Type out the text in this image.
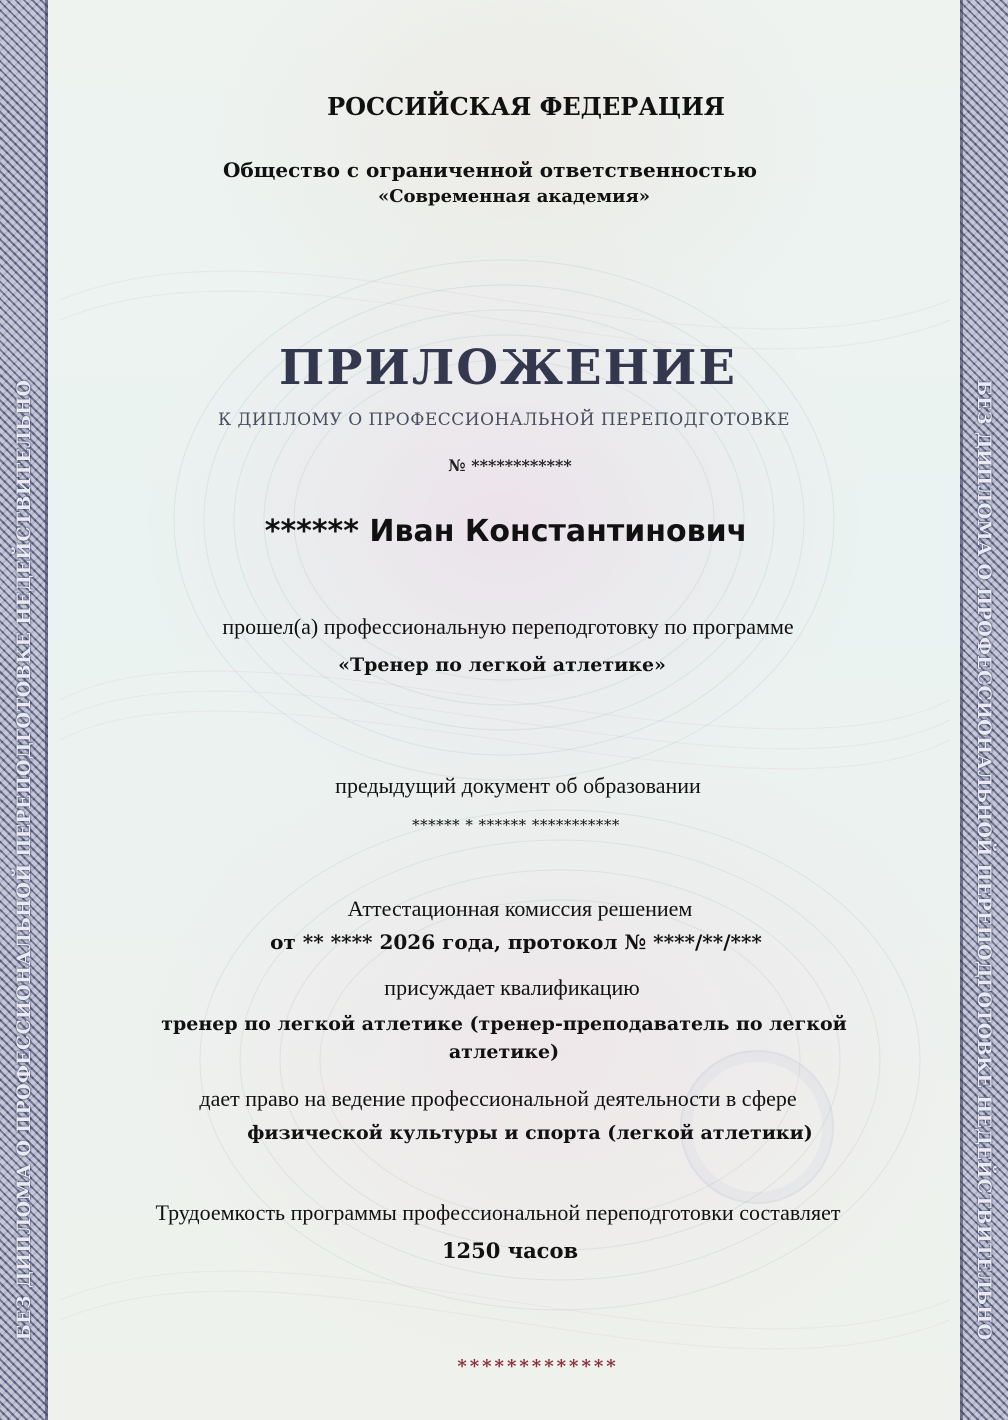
БЕЗ ДИПЛОМА О ПРОФЕССИОНАЛЬНОЙ ПЕРЕПОДГОТОВКЕ НЕДЕЙСТВИТЕЛЬНО	БЕЗ ДИПЛОМА О ПРОФЕССИОНАЛЬНОЙ ПЕРЕПОДГОТОВКЕ НЕДЕЙСТВИТЕЛЬНО
РОССИЙСКАЯ ФЕДЕРАЦИЯ
Общество с ограниченной ответственностью
«Современная академия»
ПРИЛОЖЕНИЕ
К ДИПЛОМУ О ПРОФЕССИОНАЛЬНОЙ ПЕРЕПОДГОТОВКЕ
№ ************
****** Иван Константинович
прошел(а) профессиональную переподготовку по программе
«Тренер по легкой атлетике»
предыдущий документ об образовании
****** * ****** ***********
Аттестационная комиссия решением
от ** **** 2026 года, протокол № ****/**/***
присуждает квалификацию
тренер по легкой атлетике (тренер-преподаватель по легкой атлетике)
дает право на ведение профессиональной деятельности в сфере
физической культуры и спорта (легкой атлетики)
Трудоемкость программы профессиональной переподготовки составляет
1250 часов
*************
